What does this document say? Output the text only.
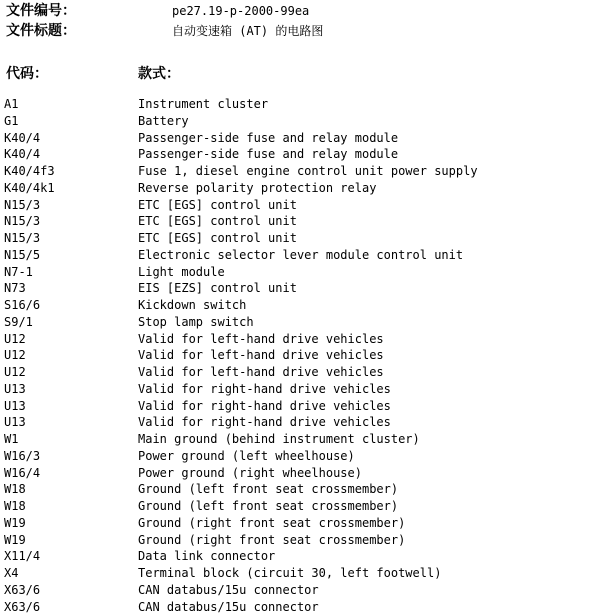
文件编号：	pe27.19-p-2000-99ea
文件标题：	自动变速箱 (AT) 的电路图
代码：	款式：
A1	Instrument cluster
G1	Battery
K40/4	Passenger-side fuse and relay module
K40/4	Passenger-side fuse and relay module
K40/4f3	Fuse 1, diesel engine control unit power supply
K40/4k1	Reverse polarity protection relay
N15/3	ETC [EGS] control unit
N15/3	ETC [EGS] control unit
N15/3	ETC [EGS] control unit
N15/5	Electronic selector lever module control unit
N7-1	Light module
N73	EIS [EZS] control unit
S16/6	Kickdown switch
S9/1	Stop lamp switch
U12	Valid for left-hand drive vehicles
U12	Valid for left-hand drive vehicles
U12	Valid for left-hand drive vehicles
U13	Valid for right-hand drive vehicles
U13	Valid for right-hand drive vehicles
U13	Valid for right-hand drive vehicles
W1	Main ground (behind instrument cluster)
W16/3	Power ground (left wheelhouse)
W16/4	Power ground (right wheelhouse)
W18	Ground (left front seat crossmember)
W18	Ground (left front seat crossmember)
W19	Ground (right front seat crossmember)
W19	Ground (right front seat crossmember)
X11/4	Data link connector
X4	Terminal block (circuit 30, left footwell)
X63/6	CAN databus/15u connector
X63/6	CAN databus/15u connector
